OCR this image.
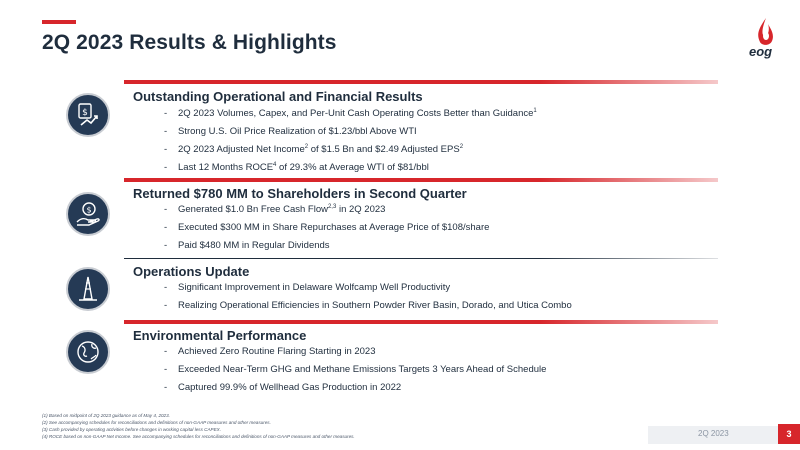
2Q 2023 Results & Highlights	eog
$
Outstanding Operational and Financial Results
- 2Q 2023 Volumes, Capex, and Per-Unit Cash Operating Costs Better than Guidance$^1$
- Strong U.S. Oil Price Realization of $1.23/bbl Above WTI
- 2Q 2023 Adjusted Net Income$^2$ of $1.5 Bn and $2.49 Adjusted EPS$^2$
- Last 12 Months ROCE$^4$ of 29.3% at Average WTI of $81/bbl
$
Returned $780 MM to Shareholders in Second Quarter
- Generated $1.0 Bn Free Cash Flow$^{2,3}$ in 2Q 2023
- Executed $300 MM in Share Repurchases at Average Price of $108/share
- Paid $480 MM in Regular Dividends
Operations Update
- Significant Improvement in Delaware Wolfcamp Well Productivity
- Realizing Operational Efficiencies in Southern Powder River Basin, Dorado, and Utica Combo
Environmental Performance
- Achieved Zero Routine Flaring Starting in 2023
- Exceeded Near-Term GHG and Methane Emissions Targets 3 Years Ahead of Schedule
- Captured 99.9% of Wellhead Gas Production in 2022
(1) Based on midpoint of 2Q 2023 guidance as of May 4, 2023.
(2) See accompanying schedules for reconciliations and definitions of non-GAAP measures and other measures.
(3) Cash provided by operating activities before changes in working capital less CAPEX.
(4) ROCE based on non-GAAP Net Income. See accompanying schedules for reconciliations and definitions of non-GAAP measures and other measures.	2Q 2023	3
